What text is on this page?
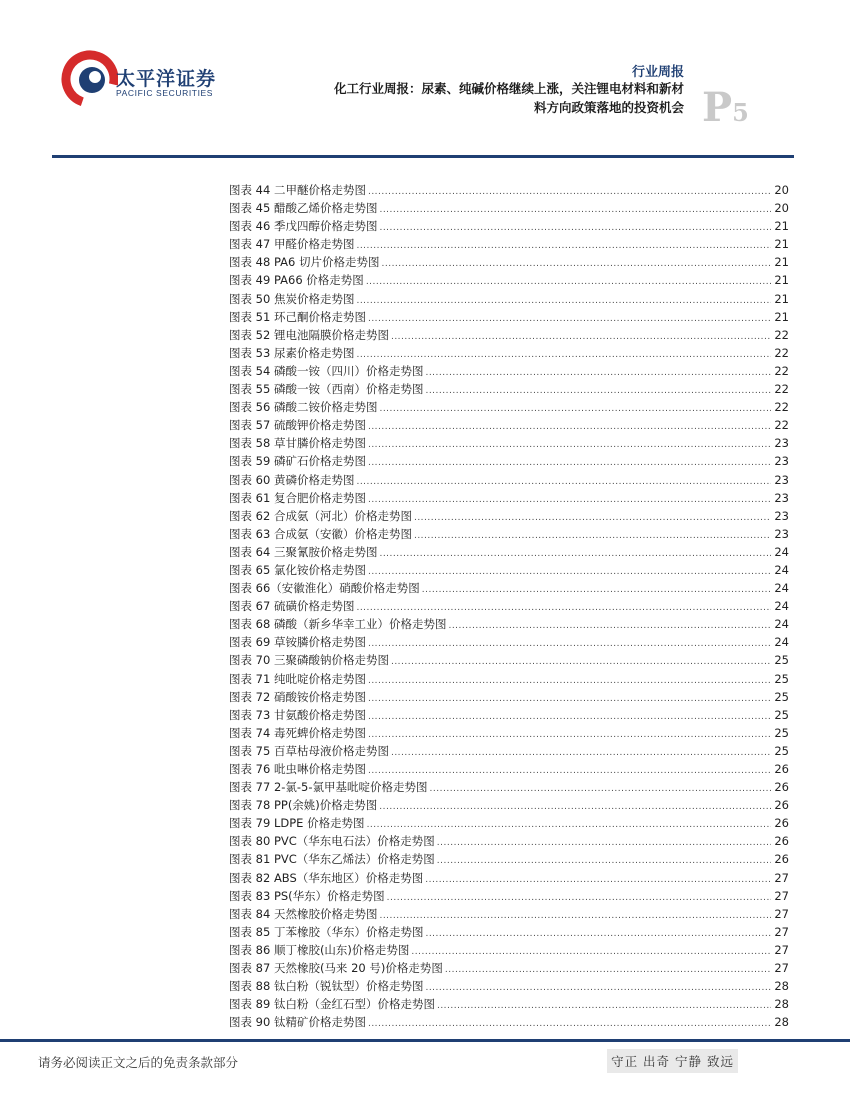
太平洋证券
PACIFIC SECURITIES
行业周报
化工行业周报：尿素、纯碱价格继续上涨，关注锂电材料和新材
料方向政策落地的投资机会 P5
图表 44 二甲醚价格走势图 .....	20
图表 45 醋酸乙烯价格走势图 .....	20
图表 46 季戊四醇价格走势图 .....	21
图表 47 甲醛价格走势图 .....	21
图表 48 PA6 切片价格走势图 .....	21
图表 49 PA66 价格走势图 .....	21
图表 50 焦炭价格走势图 .....	21
图表 51 环己酮价格走势图 .....	21
图表 52 锂电池隔膜价格走势图 .....	22
图表 53 尿素价格走势图 .....	22
图表 54 磷酸一铵（四川）价格走势图 .....	22
图表 55 磷酸一铵（西南）价格走势图 .....	22
图表 56 磷酸二铵价格走势图 .....	22
图表 57 硫酸钾价格走势图 .....	22
图表 58 草甘膦价格走势图 .....	23
图表 59 磷矿石价格走势图 .....	23
图表 60 黄磷价格走势图 .....	23
图表 61 复合肥价格走势图 .....	23
图表 62 合成氨（河北）价格走势图 .....	23
图表 63 合成氨（安徽）价格走势图 .....	23
图表 64 三聚氰胺价格走势图 .....	24
图表 65 氯化铵价格走势图 .....	24
图表 66（安徽淮化）硝酸价格走势图 .....	24
图表 67 硫磺价格走势图 .....	24
图表 68 磷酸（新乡华幸工业）价格走势图 .....	24
图表 69 草铵膦价格走势图 .....	24
图表 70 三聚磷酸钠价格走势图 .....	25
图表 71 纯吡啶价格走势图 .....	25
图表 72 硝酸铵价格走势图 .....	25
图表 73 甘氨酸价格走势图 .....	25
图表 74 毒死蜱价格走势图 .....	25
图表 75 百草枯母液价格走势图 .....	25
图表 76 吡虫啉价格走势图 .....	26
图表 77 2-氯-5-氯甲基吡啶价格走势图 .....	26
图表 78 PP(余姚)价格走势图 .....	26
图表 79 LDPE 价格走势图 .....	26
图表 80 PVC（华东电石法）价格走势图 .....	26
图表 81 PVC（华东乙烯法）价格走势图 .....	26
图表 82 ABS（华东地区）价格走势图 .....	27
图表 83 PS(华东）价格走势图 .....	27
图表 84 天然橡胶价格走势图 .....	27
图表 85 丁苯橡胶（华东）价格走势图 .....	27
图表 86 顺丁橡胶(山东)价格走势图 .....	27
图表 87 天然橡胶(马来 20 号)价格走势图 .....	27
图表 88 钛白粉（锐钛型）价格走势图 .....	28
图表 89 钛白粉（金红石型）价格走势图 .....	28
图表 90 钛精矿价格走势图 .....	28
请务必阅读正文之后的免责条款部分	守正 出奇 宁静 致远
